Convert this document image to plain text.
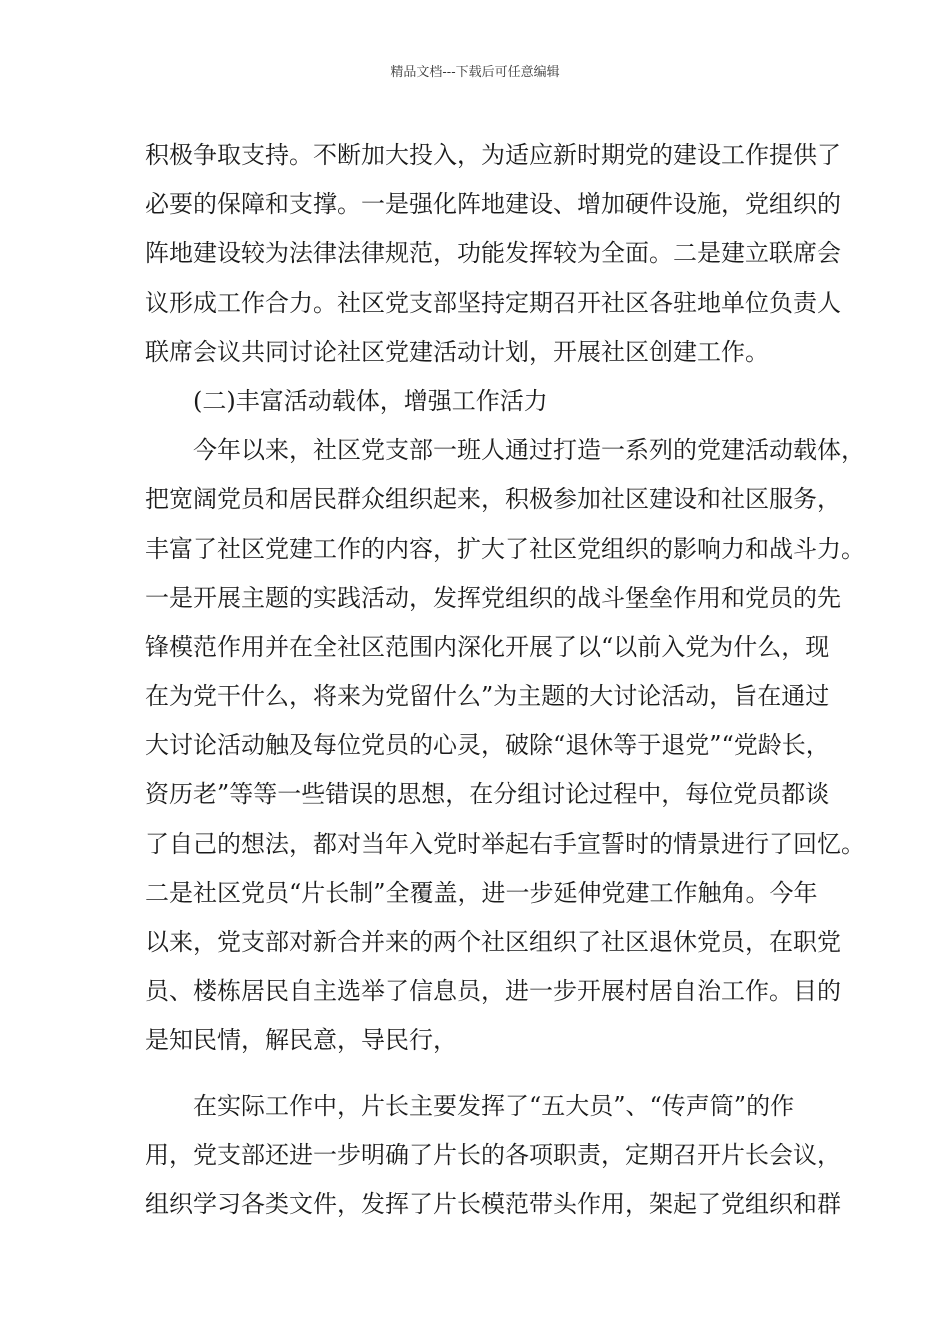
精品文档---下载后可任意编辑
积极争取支持。不断加大投入，为适应新时期党的建设工作提供了
必要的保障和支撑。一是强化阵地建设、增加硬件设施，党组织的
阵地建设较为法律法律规范，功能发挥较为全面。二是建立联席会
议形成工作合力。社区党支部坚持定期召开社区各驻地单位负责人
联席会议共同讨论社区党建活动计划，开展社区创建工作。
　　(二)丰富活动载体，增强工作活力
　　今年以来，社区党支部一班人通过打造一系列的党建活动载体，
把宽阔党员和居民群众组织起来，积极参加社区建设和社区服务，
丰富了社区党建工作的内容，扩大了社区党组织的影响力和战斗力。
一是开展主题的实践活动，发挥党组织的战斗堡垒作用和党员的先
锋模范作用并在全社区范围内深化开展了以“以前入党为什么，现
在为党干什么，将来为党留什么”为主题的大讨论活动，旨在通过
大讨论活动触及每位党员的心灵，破除“退休等于退党”“党龄长，
资历老”等等一些错误的思想，在分组讨论过程中，每位党员都谈
了自己的想法，都对当年入党时举起右手宣誓时的情景进行了回忆。
二是社区党员“片长制”全覆盖，进一步延伸党建工作触角。今年
以来，党支部对新合并来的两个社区组织了社区退休党员，在职党
员、楼栋居民自主选举了信息员，进一步开展村居自治工作。目的
是知民情，解民意，导民行，
　　在实际工作中，片长主要发挥了“五大员”、“传声筒”的作
用，党支部还进一步明确了片长的各项职责，定期召开片长会议，
组织学习各类文件，发挥了片长模范带头作用，架起了党组织和群
